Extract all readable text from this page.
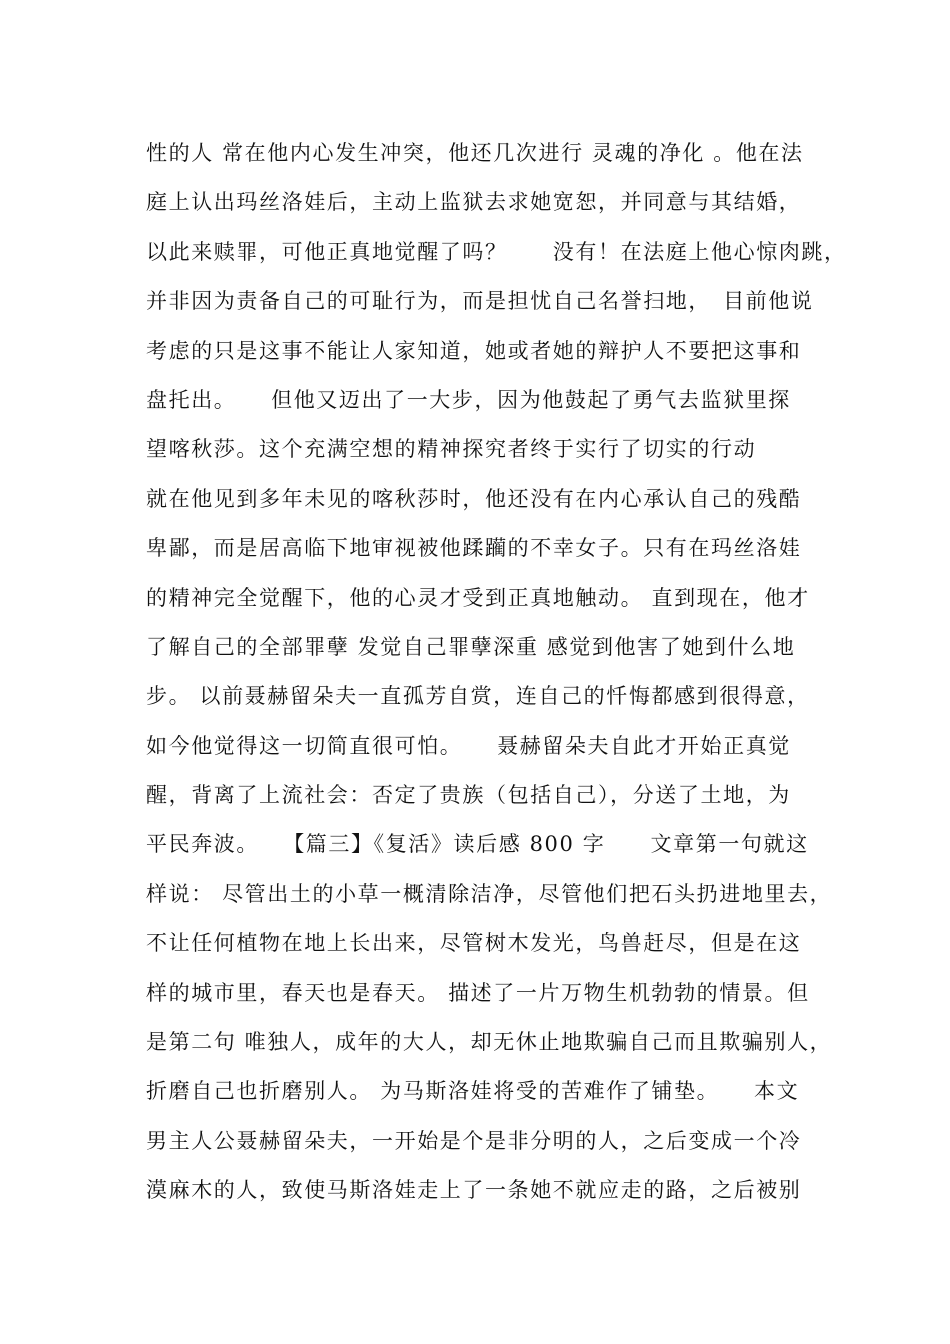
性的人 常在他内心发生冲突，他还几次进行 灵魂的净化 。他在法
庭上认出玛丝洛娃后，主动上监狱去求她宽恕，并同意与其结婚，
以此来赎罪，可他正真地觉醒了吗？　　没有！在法庭上他心惊肉跳，
并非因为责备自己的可耻行为，而是担忧自己名誉扫地，　目前他说
考虑的只是这事不能让人家知道，她或者她的辩护人不要把这事和
盘托出。　　但他又迈出了一大步，因为他鼓起了勇气去监狱里探
望喀秋莎。这个充满空想的精神探究者终于实行了切实的行动
就在他见到多年未见的喀秋莎时，他还没有在内心承认自己的残酷
卑鄙，而是居高临下地审视被他蹂躏的不幸女子。只有在玛丝洛娃
的精神完全觉醒下，他的心灵才受到正真地触动。 直到现在，他才
了解自己的全部罪孽 发觉自己罪孽深重 感觉到他害了她到什么地
步。 以前聂赫留朵夫一直孤芳自赏，连自己的忏悔都感到很得意，
如今他觉得这一切简直很可怕。　　聂赫留朵夫自此才开始正真觉
醒，背离了上流社会：否定了贵族（包括自己），分送了土地，为
平民奔波。　　【篇三】《复活》读后感 800 字　　文章第一句就这
样说： 尽管出土的小草一概清除洁净，尽管他们把石头扔进地里去，
不让任何植物在地上长出来，尽管树木发光，鸟兽赶尽，但是在这
样的城市里，春天也是春天。 描述了一片万物生机勃勃的情景。但
是第二句 唯独人，成年的大人，却无休止地欺骗自己而且欺骗别人，
折磨自己也折磨别人。 为马斯洛娃将受的苦难作了铺垫。　　本文
男主人公聂赫留朵夫，一开始是个是非分明的人，之后变成一个冷
漠麻木的人，致使马斯洛娃走上了一条她不就应走的路，之后被别
